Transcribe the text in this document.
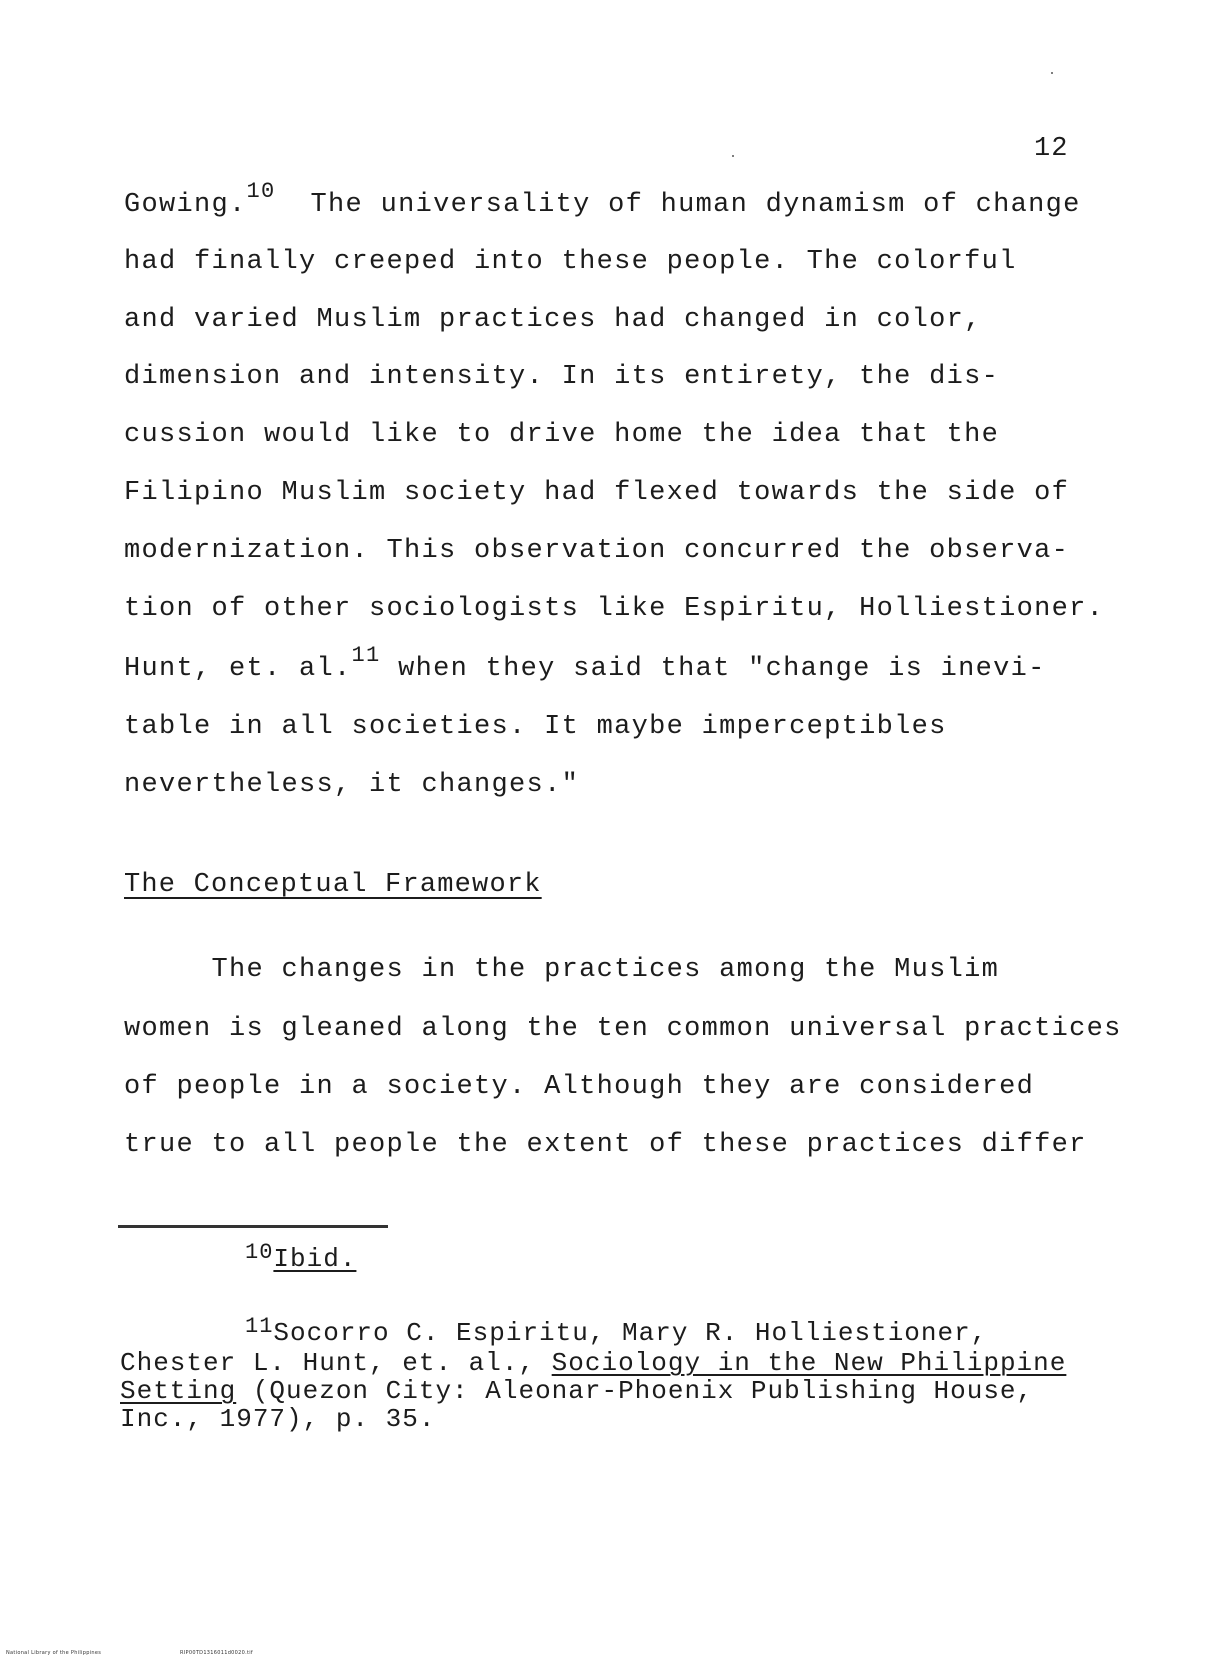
12
Gowing.$^{10}$  The universality of human dynamism of change
had finally creeped into these people. The colorful
and varied Muslim practices had changed in color,
dimension and intensity. In its entirety, the dis-
cussion would like to drive home the idea that the
Filipino Muslim society had flexed towards the side of
modernization. This observation concurred the observa-
tion of other sociologists like Espiritu, Holliestioner.
Hunt, et. al.$^{11}$ when they said that "change is inevi-
table in all societies. It maybe imperceptibles
nevertheless, it changes."
The Conceptual Framework
The changes in the practices among the Muslim
women is gleaned along the ten common universal practices
of people in a society. Although they are considered
true to all people the extent of these practices differ
$^{10}$Ibid.
$^{11}$Socorro C. Espiritu, Mary R. Holliestioner,
Chester L. Hunt, et. al., Sociology in the New Philippine
Setting (Quezon City: Aleonar-Phoenix Publishing House,
Inc., 1977), p. 35.
National Library of the Philippines	RIP00TD1316011d0020.tif
